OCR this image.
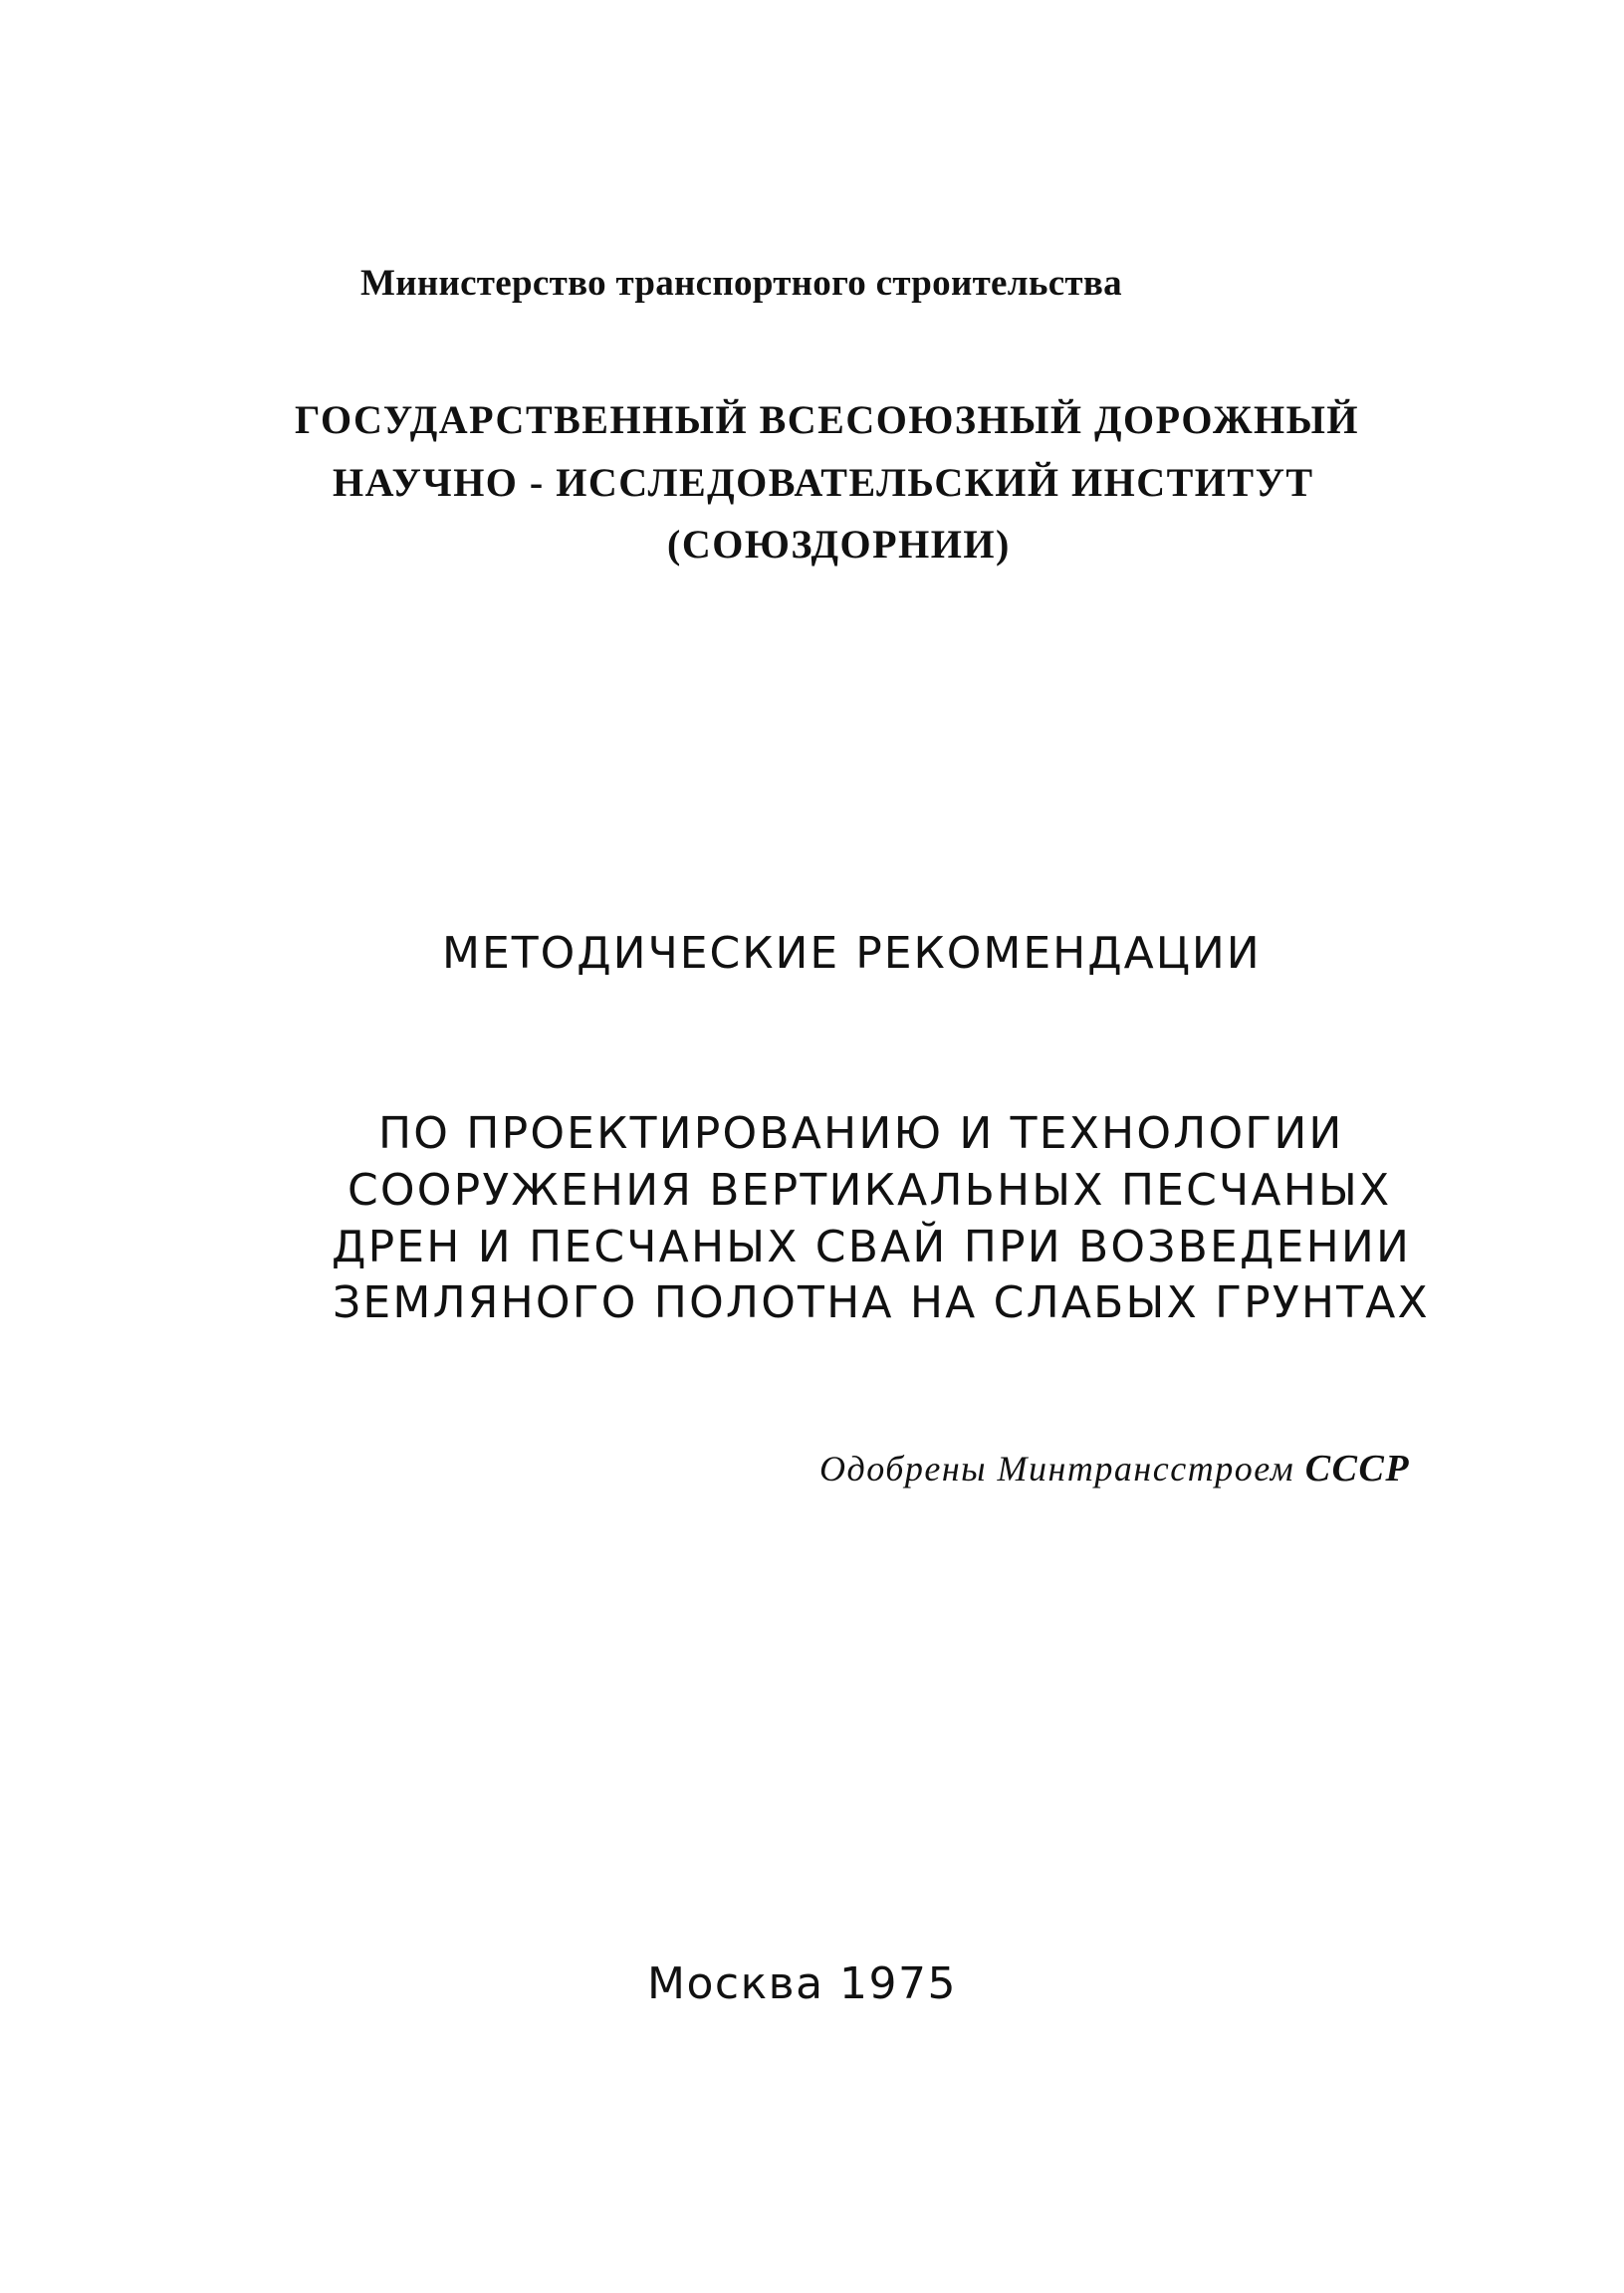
Министерство транспортного строительства

ГОСУДАРСТВЕННЫЙ ВСЕСОЮЗНЫЙ ДОРОЖНЫЙ

НАУЧНО - ИССЛЕДОВАТЕЛЬСКИЙ ИНСТИТУТ

(СОЮЗДОРНИИ)

МЕТОДИЧЕСКИЕ РЕКОМЕНДАЦИИ

ПО ПРОЕКТИРОВАНИЮ И ТЕХНОЛОГИИ

СООРУЖЕНИЯ ВЕРТИКАЛЬНЫХ ПЕСЧАНЫХ

ДРЕН И ПЕСЧАНЫХ СВАЙ ПРИ ВОЗВЕДЕНИИ

ЗЕМЛЯНОГО ПОЛОТНА НА СЛАБЫХ ГРУНТАХ

Одобрены Минтрансстроем СССР

Москва 1975
